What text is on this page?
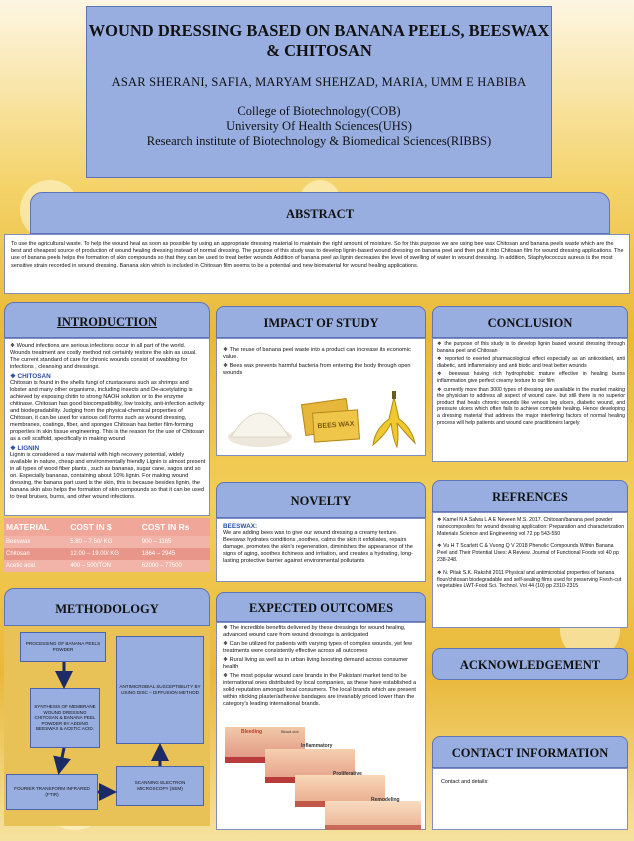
WOUND DRESSING BASED ON BANANA PEELS, BEESWAX & CHITOSAN
ASAR SHERANI, SAFIA, MARYAM SHEHZAD, MARIA, UMM E HABIBA
College of Biotechnology(COB)
University Of Health Sciences(UHS)
Research institute of Biotechnology & Biomedical Sciences(RIBBS)
ABSTRACT
To use the agricultural waste. To help the wound heal as soon as possible by using an appropriate dressing material to maintain the right amount of moisture. So for this purpose we are using bee wax Chitosan and banana peels waste which are the best and cheapest source of production of wound healing dressing instead of normal dressing. The purpose of this study was to develop lignin-based wound dressing on banana peel and then put it into Chitosan film for wound dressing applications. The use of banana peels helps the formation of skin compounds so that they can be used to treat better wounds Addition of banana peel as lignin decreases the level of swelling of water in wound dressing. In addition, Staphylococcus aureus is the most sensitive strain recorded in wound dressing. Banana skin which is included in Chitosan film seems to be a potential and new biomaterial for wound healing applications.
INTRODUCTION

❖ Wound infections are serious infections occur in all part of the world. Wounds treatment are costly method not certainly restore the skin as usual. The current standard of care for chronic wounds consist of swabbing for infections , cleansing and dressings.

❖ CHITOSAN

Chitosan is found in the shells fungi of crustaceans such as shrimps and lobster and many other organisms, including insects and De-acetylating is achieved by exposing chitin to strong NAOH solution or to the enzyme chitinase. Chitosan has good biocompatibility, low toxicity, anti-infection activity and biodegradability. Judging from the physical-chemical properties of Chitosan, it can be used for various cell forms such as wound dressing, membranes, coatings, fiber, and sponges Chitosan has better film-forming properties in skin tissue engineering. This is the reason for the use of Chitosan as a cell scaffold, specifically in making wound

❖ LIGNIN

Lignin is considered a raw material with high recovery potential, widely available in nature, cheap and environmentally friendly Lignin is almost present in all types of wood fiber plants , such as bananas, sugar cane, sagos and so on. Especially bananas, containing about 10% lignin. For making wound dressing, the banana part used is the skin, this is because besides lignin, the banana skin also helps the formation of skin compounds so that it can be used to treat bruises, burns, and other wound infections.

MATERIAL	COST IN $	COST IN Rs
Beeswax	5.80 – 7.50/ KG	900 – 1165
Chitosan	12.00 – 19.00/ KG	1864 – 2945
Acetic acid	400 – 500/TON	62000 – 77500
METHODOLOGY
PROCESSING OF BANANA PEELS POWDER
SYNTHESIS OF MEMBRANE WOUND DRESSING CHITOSAN & BANANA PEEL POWDER BY ADDING BEESWAX & ACETIC ACID.
FOURIER TRANSFORM INFRARED (FTIR)
SCANNING ELECTRON MICROSCOPY (SEM)
ANTIMICROBIAL SUSCEPTIBILITY BY USING DISC – DIFFUSION METHOD
IMPACT OF STUDY

❖ The reuse of banana peel waste into a product can increase its economic value.

❖ Bees wax prevents harmful bacteria from entering the body through open wounds

BEES WAX
NOVELTY
BEESWAX:

We are adding bees wax to give our wound dressing a creamy texture. Beeswax hydrates conditions ,soothes, calms the skin it exfoliates, repairs damage, promotes the skin's regeneration, diminishes the appearance of the signs of aging, soothes itchiness and irritation, and creates a hydrating, long-lasting protective barrier against environmental pollutants

EXPECTED OUTCOMES

❖ The incredible benefits delivered by these dressings for wound healing, advanced wound care from wound dressings is anticipated

❖ Can be utilized for patients with varying types of complex wounds, yet few treatments were consistently effective across all outcomes

❖ Rural living as well as in urban living boosting demand across consumer health

❖ The most popular wound care brands in the Pakistani market tend to be international ones distributed by local companies, as these have established a solid reputation amongst local consumers. The local brands which are present within sticking plaster/adhesive bandages are invariably priced lower than the category's leading international brands.

Bleeding	Blood clot
Inflammatory
Proliferative
Remodeling
CONCLUSION

❖ the purpose of this study is to develop lignin based wound dressing through banana peel and Chitosan

❖ reported to exerted pharmacological effect especially as an antioxidant, anti diabetic, anti inflammatory and anti biotic and treat better wounds

❖ beeswax having rich hydrophobic mature effective in healing burns inflammation give perfect creamy texture to our film

❖ currently more than 3000 types of dressing are available in the market making the physician to address all aspect of wound care. but still there is no superior product that heals chronic wounds like venous leg ulcers, diabetic wound, and pressure ulcers which often fails to achieve complete healing. Hence developing a dressing material that address the major interfering factors of normal healing process will help patients and wound care practitioners largely

REFRENCES

❖ Kamel N A Salwa L A E Neveen M.S. 2017. Chitosan/banana peel powder nanocomposites for wound dressing application: Preparation and characterization Materials Science and Engineering vol 72 pp 543-550

❖ Vu H T Scarlett C & Vuong Q V 2018 Phenolic Compounds Within Banana Peel and Their Potential Uses: A Review. Journal of Functional Foods vol 40 pp 238-248.

❖ N. Pitak S.K. Rakshit 2011 Physical and antimicrobial properties of banana flour/chitosan biodegradable and self-sealing films used for preserving Fresh-cut vegetables LWT-Food Sci. Technol. Vol 44 (10) pp 2310-2315

ACKNOWLEDGEMENT
CONTACT INFORMATION
Contact and details:
